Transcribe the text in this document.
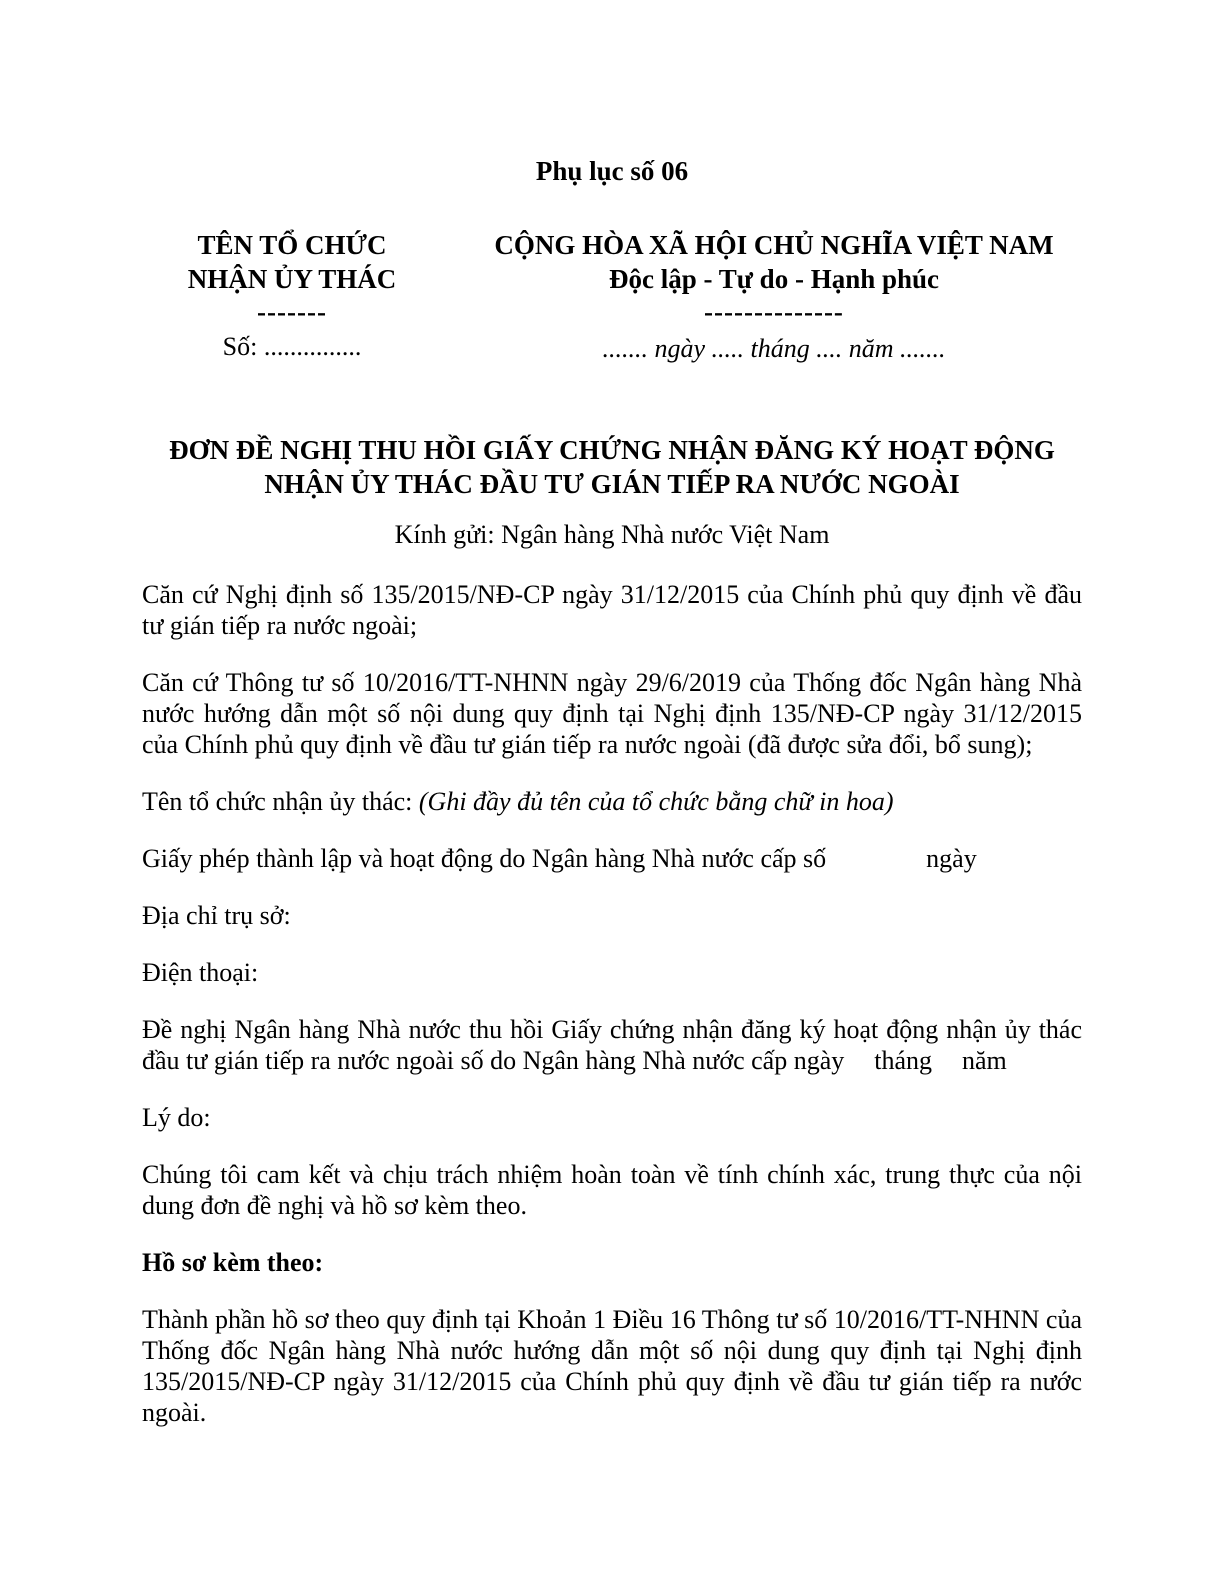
Phụ lục số 06
TÊN TỔ CHỨC
NHẬN ỦY THÁC
-------
Số: ...............
CỘNG HÒA XÃ HỘI CHỦ NGHĨA VIỆT NAM
Độc lập - Tự do - Hạnh phúc
--------------
....... ngày ..... tháng .... năm .......
ĐƠN ĐỀ NGHỊ THU HỒI GIẤY CHỨNG NHẬN ĐĂNG KÝ HOẠT ĐỘNG
NHẬN ỦY THÁC ĐẦU TƯ GIÁN TIẾP RA NƯỚC NGOÀI
Kính gửi: Ngân hàng Nhà nước Việt Nam

Căn cứ Nghị định số 135/2015/NĐ-CP ngày 31/12/2015 của Chính phủ quy định về đầu tư gián tiếp ra nước ngoài;

Căn cứ Thông tư số 10/2016/TT-NHNN ngày 29/6/2019 của Thống đốc Ngân hàng Nhà nước hướng dẫn một số nội dung quy định tại Nghị định 135/NĐ-CP ngày 31/12/2015 của Chính phủ quy định về đầu tư gián tiếp ra nước ngoài (đã được sửa đổi, bổ sung);

Tên tổ chức nhận ủy thác: (Ghi đầy đủ tên của tổ chức bằng chữ in hoa)

Giấy phép thành lập và hoạt động do Ngân hàng Nhà nước cấp số	ngày

Địa chỉ trụ sở:

Điện thoại:

Đề nghị Ngân hàng Nhà nước thu hồi Giấy chứng nhận đăng ký hoạt động nhận ủy thác đầu tư gián tiếp ra nước ngoài số do Ngân hàng Nhà nước cấp ngày tháng năm

Lý do:

Chúng tôi cam kết và chịu trách nhiệm hoàn toàn về tính chính xác, trung thực của nội dung đơn đề nghị và hồ sơ kèm theo.

Hồ sơ kèm theo:

Thành phần hồ sơ theo quy định tại Khoản 1 Điều 16 Thông tư số 10/2016/TT-NHNN của Thống đốc Ngân hàng Nhà nước hướng dẫn một số nội dung quy định tại Nghị định 135/2015/NĐ-CP ngày 31/12/2015 của Chính phủ quy định về đầu tư gián tiếp ra nước ngoài.
